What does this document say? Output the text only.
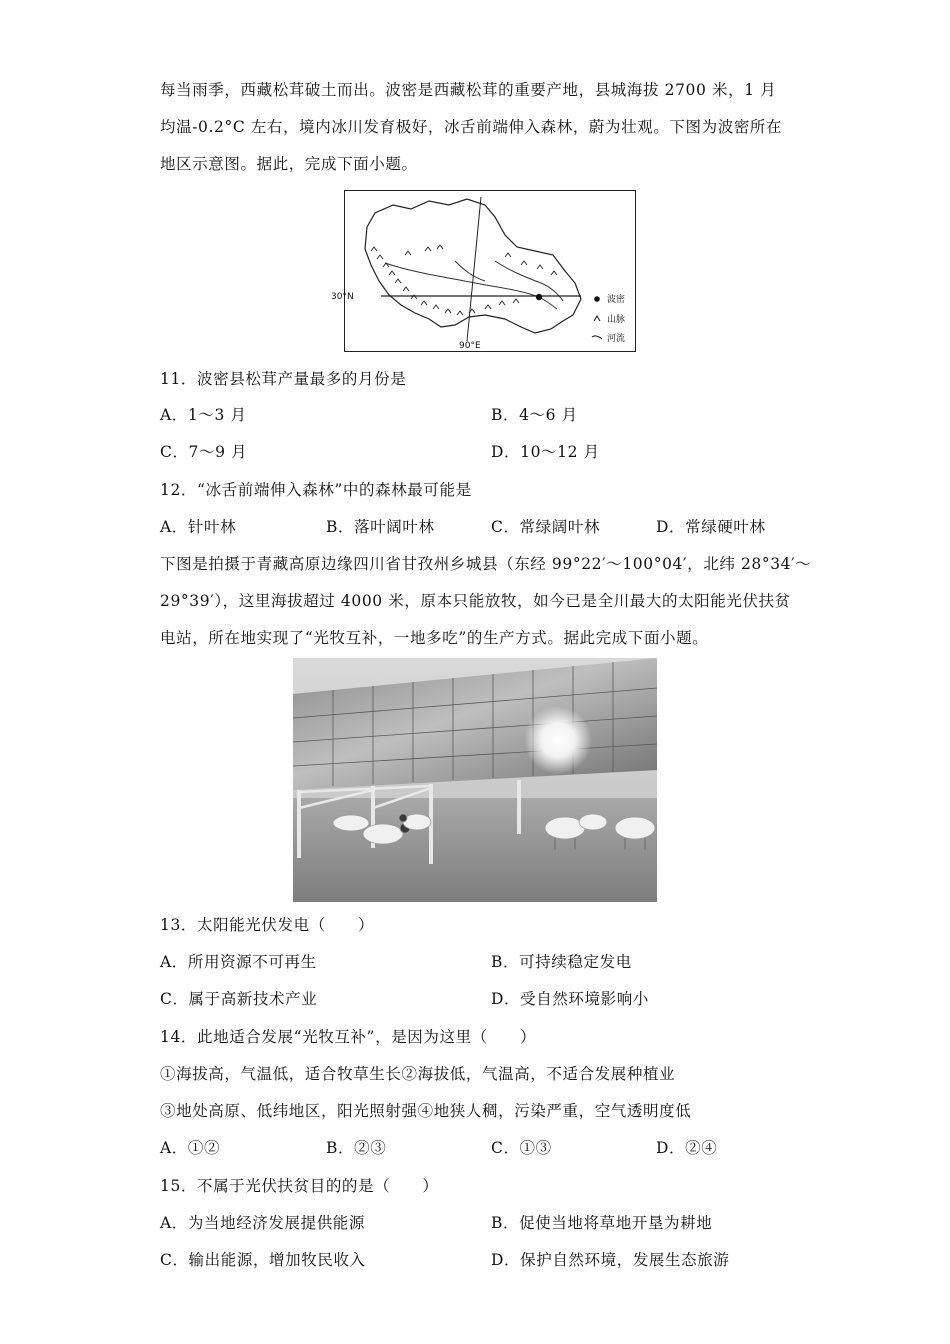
每当雨季，西藏松茸破土而出。波密是西藏松茸的重要产地，县城海拔 2700 米，1 月
均温-0.2°C 左右，境内冰川发育极好，冰舌前端伸入森林，蔚为壮观。下图为波密所在
地区示意图。据此，完成下面小题。
30°N
90°E
波密
山脉
河流
11．波密县松茸产量最多的月份是
A．1～3 月	B．4～6 月
C．7～9 月	D．10～12 月
12．“冰舌前端伸入森林”中的森林最可能是
A．针叶林	B．落叶阔叶林	C．常绿阔叶林	D．常绿硬叶林
下图是拍摄于青藏高原边缘四川省甘孜州乡城县（东经 99°22′～100°04′，北纬 28°34′～
29°39′），这里海拔超过 4000 米，原本只能放牧，如今已是全川最大的太阳能光伏扶贫
电站，所在地实现了“光牧互补，一地多吃”的生产方式。据此完成下面小题。
13．太阳能光伏发电（　　）
A．所用资源不可再生	B．可持续稳定发电
C．属于高新技术产业	D．受自然环境影响小
14．此地适合发展“光牧互补”，是因为这里（　　）
①海拔高，气温低，适合牧草生长②海拔低，气温高，不适合发展种植业
③地处高原、低纬地区，阳光照射强④地狭人稠，污染严重，空气透明度低
A．①②	B．②③	C．①③	D．②④
15．不属于光伏扶贫目的的是（　　）
A．为当地经济发展提供能源	B．促使当地将草地开垦为耕地
C．输出能源，增加牧民收入	D．保护自然环境，发展生态旅游
